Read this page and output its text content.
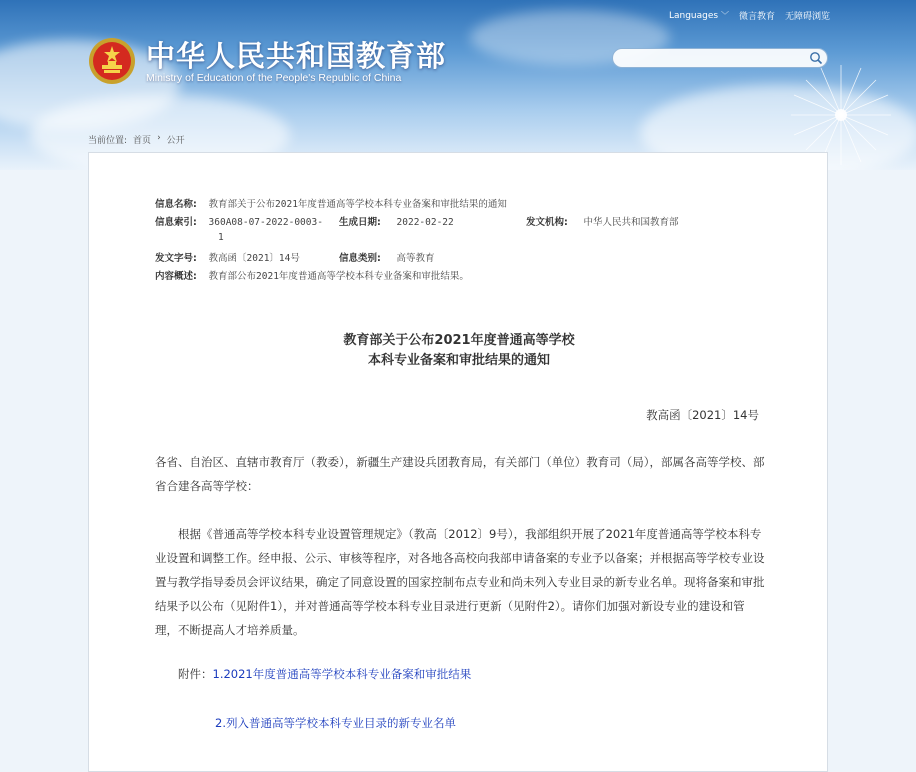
Languages ﹀ 微言教育 无障碍浏览
中华人民共和国教育部
Ministry of Education of the People's Republic of China
当前位置: 首页 › 公开
信息名称: 教育部关于公布2021年度普通高等学校本科专业备案和审批结果的通知
信息索引: 360A08-07-2022-0003-
1
生成日期: 2022-02-22	发文机构: 中华人民共和国教育部
发文字号: 教高函〔2021〕14号	信息类别: 高等教育
内容概述: 教育部公布2021年度普通高等学校本科专业备案和审批结果。
教育部关于公布2021年度普通高等学校
本科专业备案和审批结果的通知
教高函〔2021〕14号
各省、自治区、直辖市教育厅（教委），新疆生产建设兵团教育局，有关部门（单位）教育司（局），部属各高等学校、部省合建各高等学校：
根据《普通高等学校本科专业设置管理规定》（教高〔2012〕9号），我部组织开展了2021年度普通高等学校本科专业设置和调整工作。经申报、公示、审核等程序，对各地各高校向我部申请备案的专业予以备案；并根据高等学校专业设置与教学指导委员会评议结果，确定了同意设置的国家控制布点专业和尚未列入专业目录的新专业名单。现将备案和审批结果予以公布（见附件1），并对普通高等学校本科专业目录进行更新（见附件2）。请你们加强对新设专业的建设和管理，不断提高人才培养质量。
附件：1.2021年度普通高等学校本科专业备案和审批结果
2.列入普通高等学校本科专业目录的新专业名单
